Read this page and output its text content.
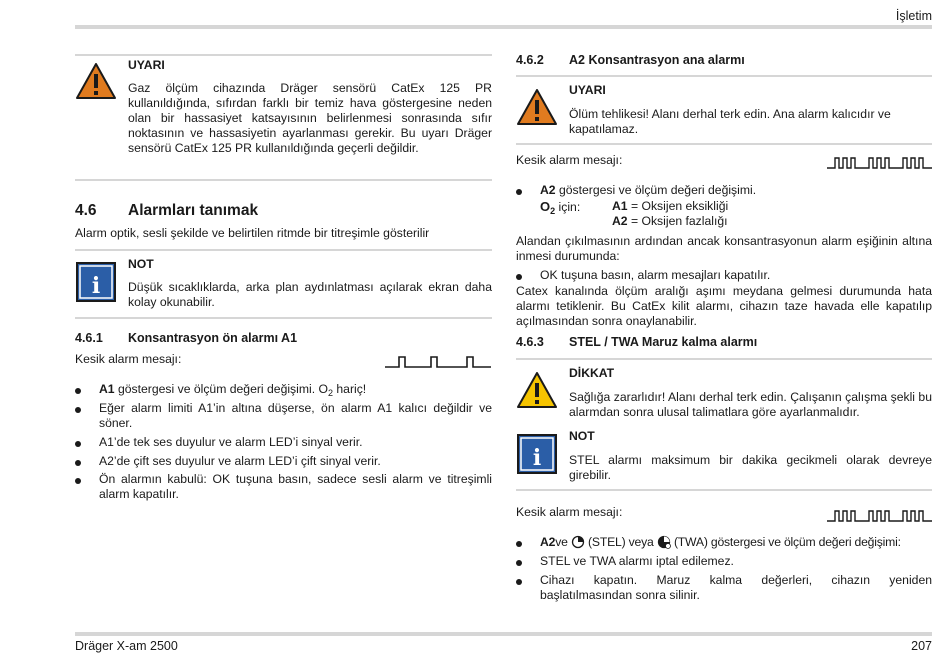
İşletim
UYARI
Gaz ölçüm cihazında Dräger sensörü CatEx 125 PR kullanıldığında, sıfırdan farklı bir temiz hava göstergesine neden olan bir hassasiyet katsayısının belirlenmesi sonrasında sıfır noktasının ve hassasiyetin ayarlanması gerekir. Bu uyarı Dräger sensörü CatEx 125 PR kullanıldığında geçerli değildir.
4.6 Alarmları tanımak
Alarm optik, sesli şekilde ve belirtilen ritmde bir titreşimle gösterilir
i
NOT
Düşük sıcaklıklarda, arka plan aydınlatması açılarak ekran daha kolay okunabilir.
4.6.1 Konsantrasyon ön alarmı A1
Kesik alarm mesajı:
A1 göstergesi ve ölçüm değeri değişimi. $O_2$ hariç!
Eğer alarm limiti A1’in altına düşerse, ön alarm A1 kalıcı değildir ve söner.
A1’de tek ses duyulur ve alarm LED’i sinyal verir.
A2’de çift ses duyulur ve alarm LED’i çift sinyal verir.
Ön alarmın kabulü: OK tuşuna basın, sadece sesli alarm ve titreşimli alarm kapatılır.
4.6.2 A2 Konsantrasyon ana alarmı
UYARI
Ölüm tehlikesi! Alanı derhal terk edin. Ana alarm kalıcıdır ve kapatılamaz.
Kesik alarm mesajı:
A2 göstergesi ve ölçüm değeri değişimi.
$O_2$ için:	A1 = Oksijen eksikliği
A2 = Oksijen fazlalığı
Alandan çıkılmasının ardından ancak konsantrasyonun alarm eşiğinin altına inmesi durumunda:
OK tuşuna basın, alarm mesajları kapatılır.
Catex kanalında ölçüm aralığı aşımı meydana gelmesi durumunda hata alarmı tetiklenir. Bu CatEx kilit alarmı, cihazın taze havada elle kapatılıp açılmasından sonra onaylanabilir.
4.6.3 STEL / TWA Maruz kalma alarmı
DİKKAT
Sağlığa zararlıdır! Alanı derhal terk edin. Çalışanın çalışma şekli bu alarmdan sonra ulusal talimatlara göre ayarlanmalıdır.
i
NOT
STEL alarmı maksimum bir dakika gecikmeli olarak devreye girebilir.
Kesik alarm mesajı:
A2ve  (STEL) veya  (TWA) göstergesi ve ölçüm değeri değişimi:
STEL ve TWA alarmı iptal edilemez.
Cihazı kapatın. Maruz kalma değerleri, cihazın yeniden başlatılmasından sonra silinir.
Dräger X-am 2500	207
